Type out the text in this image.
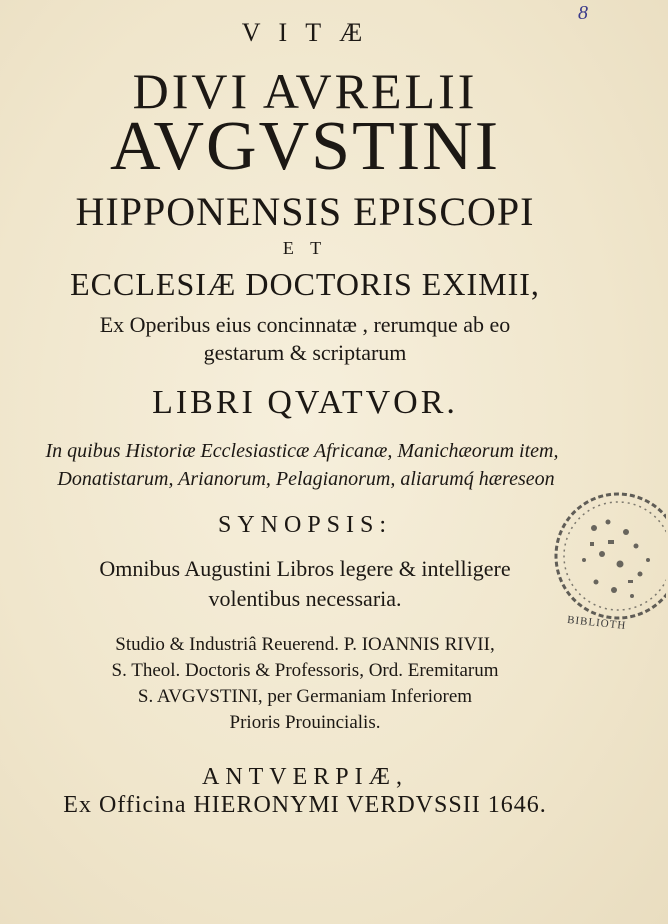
8
V I T Æ
DIVI AVRELII
AVGVSTINI
HIPPONENSIS EPISCOPI
E T
ECCLESIÆ DOCTORIS EXIMII,
Ex Operibus eius concinnatæ , rerumque ab eo
gestarum & scriptarum
LIBRI QVATVOR.
In quibus Historiæ Ecclesiasticæ Africanæ, Manichæorum item,
Donatistarum, Arianorum, Pelagianorum, aliarumq́ hæreseon
SYNOPSIS:
Omnibus Augustini Libros legere & intelligere
volentibus necessaria.
Studio & Industriâ Reuerend. P. IOANNIS RIVII,
S. Theol. Doctoris & Professoris, Ord. Eremitarum
S. AVGVSTINI, per Germaniam Inferiorem
Prioris Prouincialis.
ANTVERPIÆ,
Ex Officina HIERONYMI VERDVSSII 1646.
BIBLIOTH
